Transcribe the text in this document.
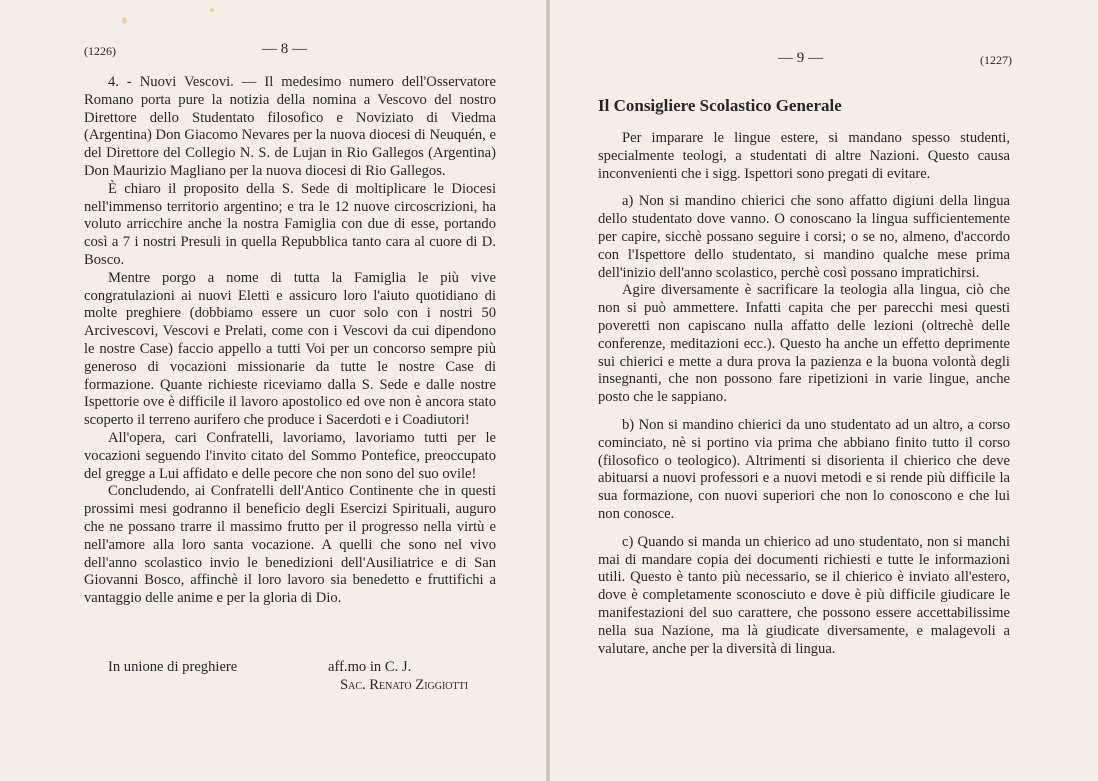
(1226)	— 8 —

4. - Nuovi Vescovi. — Il medesimo numero dell'Osservatore Romano porta pure la notizia della nomina a Vescovo del nostro Direttore dello Studentato filosofico e Noviziato di Viedma (Argentina) Don Giacomo Nevares per la nuova diocesi di Neuquén, e del Direttore del Collegio N. S. de Lujan in Rio Gallegos (Argentina) Don Maurizio Magliano per la nuova diocesi di Rio Gallegos.

È chiaro il proposito della S. Sede di moltiplicare le Diocesi nell'immenso territorio argentino; e tra le 12 nuove circoscrizioni, ha voluto arricchire anche la nostra Famiglia con due di esse, portando così a 7 i nostri Presuli in quella Repubblica tanto cara al cuore di D. Bosco.

Mentre porgo a nome di tutta la Famiglia le più vive congratulazioni ai nuovi Eletti e assicuro loro l'aiuto quotidiano di molte preghiere (dobbiamo essere un cuor solo con i nostri 50 Arcivescovi, Vescovi e Prelati, come con i Vescovi da cui dipendono le nostre Case) faccio appello a tutti Voi per un concorso sempre più generoso di vocazioni missionarie da tutte le nostre Case di formazione. Quante richieste riceviamo dalla S. Sede e dalle nostre Ispettorie ove è difficile il lavoro apostolico ed ove non è ancora stato scoperto il terreno aurifero che produce i Sacerdoti e i Coadiutori!

All'opera, cari Confratelli, lavoriamo, lavoriamo tutti per le vocazioni seguendo l'invito citato del Sommo Pontefice, preoccupato del gregge a Lui affidato e delle pecore che non sono del suo ovile!

Concludendo, ai Confratelli dell'Antico Continente che in questi prossimi mesi godranno il beneficio degli Esercizi Spirituali, auguro che ne possano trarre il massimo frutto per il progresso nella virtù e nell'amore alla loro santa vocazione. A quelli che sono nel vivo dell'anno scolastico invio le benedizioni dell'Ausiliatrice e di San Giovanni Bosco, affinchè il loro lavoro sia benedetto e fruttifichi a vantaggio delle anime e per la gloria di Dio.

In unione di preghiere	aff.mo in C. J.
Sac. Renato Ziggiotti
— 9 —	(1227)
Il Consigliere Scolastico Generale

Per imparare le lingue estere, si mandano spesso studenti, specialmente teologi, a studentati di altre Nazioni. Questo causa inconvenienti che i sigg. Ispettori sono pregati di evitare.

a) Non si mandino chierici che sono affatto digiuni della lingua dello studentato dove vanno. O conoscano la lingua sufficientemente per capire, sicchè possano seguire i corsi; o se no, almeno, d'accordo con l'Ispettore dello studentato, si mandino qualche mese prima dell'inizio dell'anno scolastico, perchè così possano impratichirsi.

Agire diversamente è sacrificare la teologia alla lingua, ciò che non si può ammettere. Infatti capita che per parecchi mesi questi poveretti non capiscano nulla affatto delle lezioni (oltrechè delle conferenze, meditazioni ecc.). Questo ha anche un effetto deprimente sui chierici e mette a dura prova la pazienza e la buona volontà degli insegnanti, che non possono fare ripetizioni in varie lingue, anche posto che le sappiano.

b) Non si mandino chierici da uno studentato ad un altro, a corso cominciato, nè si portino via prima che abbiano finito tutto il corso (filosofico o teologico). Altrimenti si disorienta il chierico che deve abituarsi a nuovi professori e a nuovi metodi e si rende più difficile la sua formazione, con nuovi superiori che non lo conoscono e che lui non conosce.

c) Quando si manda un chierico ad uno studentato, non si manchi mai di mandare copia dei documenti richiesti e tutte le informazioni utili. Questo è tanto più necessario, se il chierico è inviato all'estero, dove è completamente sconosciuto e dove è più difficile giudicare le manifestazioni del suo carattere, che possono essere accettabilissime nella sua Nazione, ma là giudicate diversamente, e malagevoli a valutare, anche per la diversità di lingua.
